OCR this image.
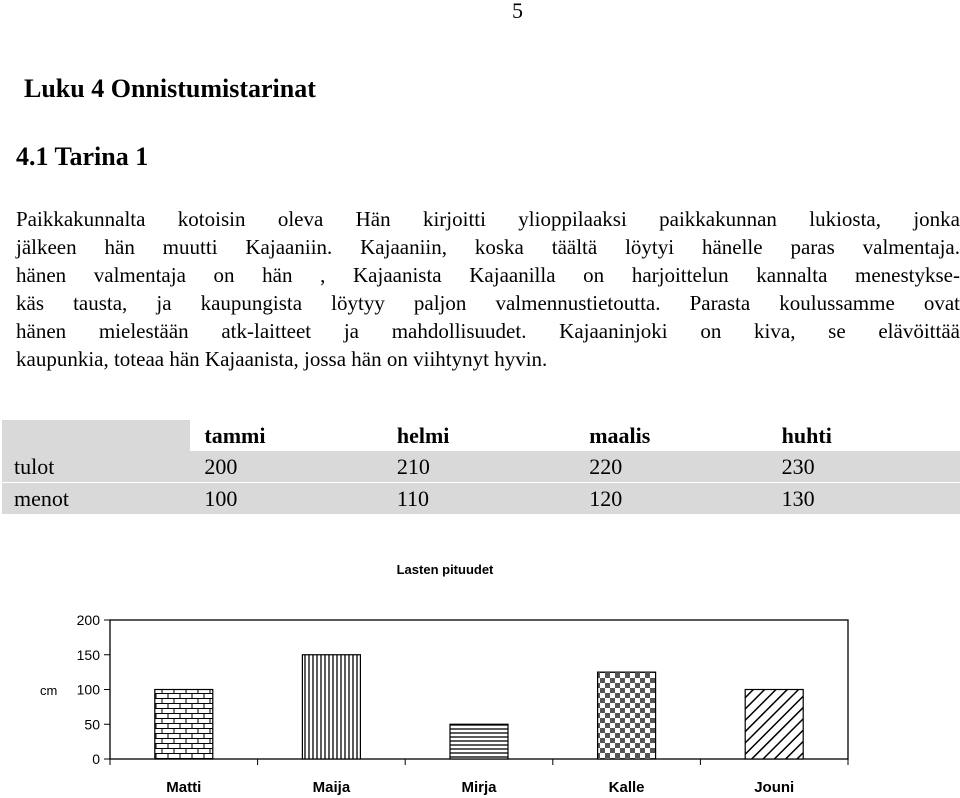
5
Luku 4 Onnistumistarinat
4.1 Tarina 1
Paikkakunnalta kotoisin oleva Hän kirjoitti ylioppilaaksi paikkakunnan lukiosta, jonka
jälkeen hän muutti Kajaaniin. Kajaaniin, koska täältä löytyi hänelle paras valmentaja.
hänen valmentaja on hän , Kajaanista Kajaanilla on harjoittelun kannalta menestykse-
käs tausta, ja kaupungista löytyy paljon valmennustietoutta. Parasta koulussamme ovat
hänen mielestään atk-laitteet ja mahdollisuudet. Kajaaninjoki on kiva, se elävöittää
kaupunkia, toteaa hän Kajaanista, jossa hän on viihtynyt hyvin.
	tammi	helmi	maalis	huhti
tulot	200	210	220	230
menot	100	110	120	130
Lasten pituudet
cm
0
50
100
150
200
Matti	Maija	Mirja	Kalle	Jouni
